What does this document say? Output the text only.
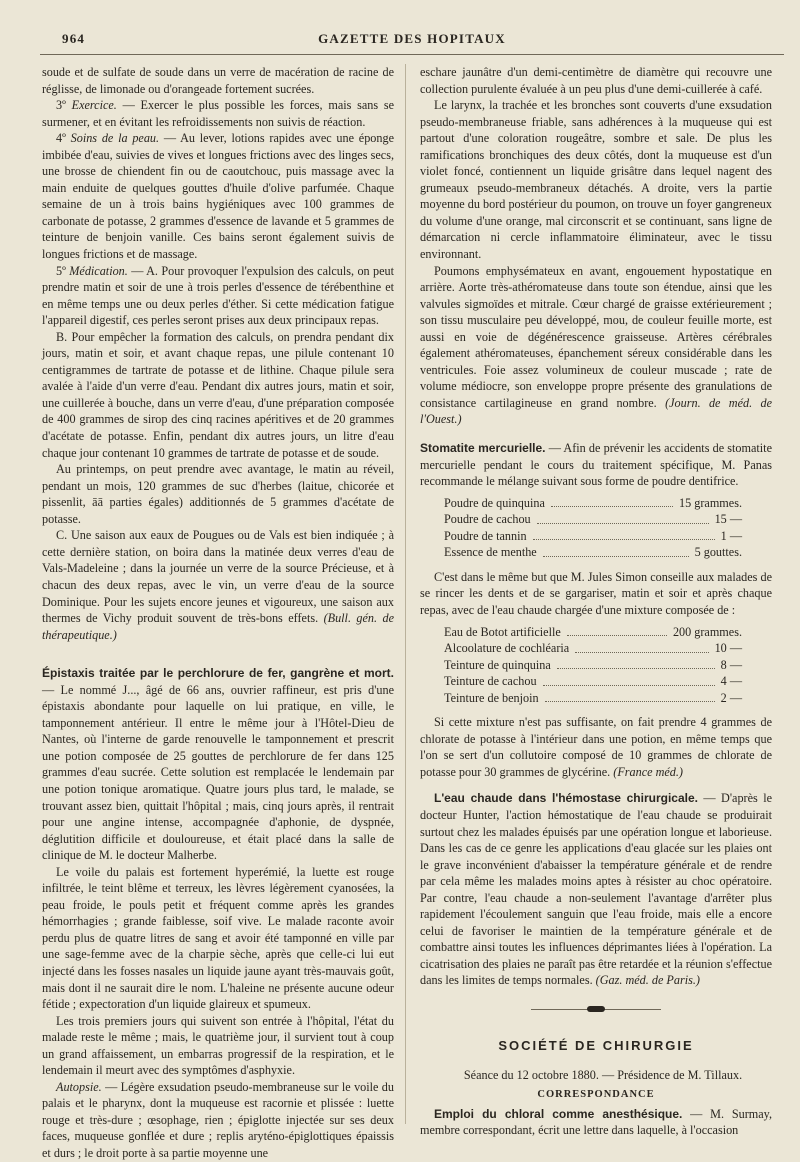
964	GAZETTE DES HOPITAUX

soude et de sulfate de soude dans un verre de macération de racine de réglisse, de limonade ou d'orangeade fortement sucrées.

3º Exercice. — Exercer le plus possible les forces, mais sans se surmener, et en évitant les refroidissements non suivis de réaction.

4º Soins de la peau. — Au lever, lotions rapides avec une éponge imbibée d'eau, suivies de vives et longues frictions avec des linges secs, une brosse de chiendent fin ou de caoutchouc, puis massage avec la main enduite de quelques gouttes d'huile d'olive parfumée. Chaque semaine de un à trois bains hygiéniques avec 100 grammes de carbonate de potasse, 2 grammes d'essence de lavande et 5 grammes de teinture de benjoin vanille. Ces bains seront également suivis de longues frictions et de massage.

5º Médication. — A. Pour provoquer l'expulsion des calculs, on peut prendre matin et soir de une à trois perles d'essence de térébenthine et en même temps une ou deux perles d'éther. Si cette médication fatigue l'appareil digestif, ces perles seront prises aux deux principaux repas.

B. Pour empêcher la formation des calculs, on prendra pendant dix jours, matin et soir, et avant chaque repas, une pilule contenant 10 centigrammes de tartrate de potasse et de lithine. Chaque pilule sera avalée à l'aide d'un verre d'eau. Pendant dix autres jours, matin et soir, une cuillerée à bouche, dans un verre d'eau, d'une préparation composée de 400 grammes de sirop des cinq racines apéritives et de 20 grammes d'acétate de potasse. Enfin, pendant dix autres jours, un litre d'eau chaque jour contenant 10 grammes de tartrate de potasse et de soude.

Au printemps, on peut prendre avec avantage, le matin au réveil, pendant un mois, 120 grammes de suc d'herbes (laitue, chicorée et pissenlit, āā parties égales) additionnés de 5 grammes d'acétate de potasse.

C. Une saison aux eaux de Pougues ou de Vals est bien indiquée ; à cette dernière station, on boira dans la matinée deux verres d'eau de Vals-Madeleine ; dans la journée un verre de la source Précieuse, et à chacun des deux repas, avec le vin, un verre d'eau de la source Dominique. Pour les sujets encore jeunes et vigoureux, une saison aux thermes de Vichy produit souvent de très-bons effets. (Bull. gén. de thérapeutique.)

Épistaxis traitée par le perchlorure de fer, gangrène et mort. — Le nommé J..., âgé de 66 ans, ouvrier raffineur, est pris d'une épistaxis abondante pour laquelle on lui pratique, en ville, le tamponnement antérieur. Il entre le même jour à l'Hôtel-Dieu de Nantes, où l'interne de garde renouvelle le tamponnement et prescrit une potion composée de 25 gouttes de perchlorure de fer dans 125 grammes d'eau sucrée. Cette solution est remplacée le lendemain par une potion tonique aromatique. Quatre jours plus tard, le malade, se trouvant assez bien, quittait l'hôpital ; mais, cinq jours après, il rentrait pour une angine intense, accompagnée d'aphonie, de dyspnée, déglutition difficile et douloureuse, et était placé dans la salle de clinique de M. le docteur Malherbe.

Le voile du palais est fortement hyperémié, la luette est rouge infiltrée, le teint blême et terreux, les lèvres légèrement cyanosées, la peau froide, le pouls petit et fréquent comme après les grandes hémorrhagies ; grande faiblesse, soif vive. Le malade raconte avoir perdu plus de quatre litres de sang et avoir été tamponné en ville par une sage-femme avec de la charpie sèche, après que celle-ci lui eut injecté dans les fosses nasales un liquide jaune ayant très-mauvais goût, mais dont il ne saurait dire le nom. L'haleine ne présente aucune odeur fétide ; expectoration d'un liquide glaireux et spumeux.

Les trois premiers jours qui suivent son entrée à l'hôpital, l'état du malade reste le même ; mais, le quatrième jour, il survient tout à coup un grand affaissement, un embarras progressif de la respiration, et le lendemain il meurt avec des symptômes d'asphyxie.

Autopsie. — Légère exsudation pseudo-membraneuse sur le voile du palais et le pharynx, dont la muqueuse est racornie et plissée : luette rouge et très-dure ; œsophage, rien ; épiglotte injectée sur ses deux faces, muqueuse gonflée et dure ; replis aryténo-épiglottiques épaissis et durs ; le droit porte à sa partie moyenne une

eschare jaunâtre d'un demi-centimètre de diamètre qui recouvre une collection purulente évaluée à un peu plus d'une demi-cuillerée à café.

Le larynx, la trachée et les bronches sont couverts d'une exsudation pseudo-membraneuse friable, sans adhérences à la muqueuse qui est partout d'une coloration rougeâtre, sombre et sale. De plus les ramifications bronchiques des deux côtés, dont la muqueuse est d'un violet foncé, contiennent un liquide grisâtre dans lequel nagent des grumeaux pseudo-membraneux détachés. A droite, vers la partie moyenne du bord postérieur du poumon, on trouve un foyer gangreneux du volume d'une orange, mal circonscrit et se continuant, sans ligne de démarcation ni cercle inflammatoire éliminateur, avec le tissu environnant.

Poumons emphysémateux en avant, engouement hypostatique en arrière. Aorte très-athéromateuse dans toute son étendue, ainsi que les valvules sigmoïdes et mitrale. Cœur chargé de graisse extérieurement ; son tissu musculaire peu développé, mou, de couleur feuille morte, est aussi en voie de dégénérescence graisseuse. Artères cérébrales également athéromateuses, épanchement séreux considérable dans les ventricules. Foie assez volumineux de couleur muscade ; rate de volume médiocre, son enveloppe propre présente des granulations de consistance cartilagineuse en grand nombre. (Journ. de méd. de l'Ouest.)

Stomatite mercurielle. — Afin de prévenir les accidents de stomatite mercurielle pendant le cours du traitement spécifique, M. Panas recommande le mélange suivant sous forme de poudre dentifrice.

Poudre de quinquina	15 grammes.
Poudre de cachou	15 —
Poudre de tannin	1 —
Essence de menthe	5 gouttes.

C'est dans le même but que M. Jules Simon conseille aux malades de se rincer les dents et de se gargariser, matin et soir et après chaque repas, avec de l'eau chaude chargée d'une mixture composée de :

Eau de Botot artificielle	200 grammes.
Alcoolature de cochléaria	10 —
Teinture de quinquina	8 —
Teinture de cachou	4 —
Teinture de benjoin	2 —

Si cette mixture n'est pas suffisante, on fait prendre 4 grammes de chlorate de potasse à l'intérieur dans une potion, en même temps que l'on se sert d'un collutoire composé de 10 grammes de chlorate de potasse pour 30 grammes de glycérine. (France méd.)

L'eau chaude dans l'hémostase chirurgicale. — D'après le docteur Hunter, l'action hémostatique de l'eau chaude se produirait surtout chez les malades épuisés par une opération longue et laborieuse. Dans les cas de ce genre les applications d'eau glacée sur les plaies ont le grave inconvénient d'abaisser la température générale et de rendre par cela même les malades moins aptes à résister au choc opératoire. Par contre, l'eau chaude a non-seulement l'avantage d'arrêter plus rapidement l'écoulement sanguin que l'eau froide, mais elle a encore celui de favoriser le maintien de la température générale et de combattre ainsi toutes les influences déprimantes liées à l'opération. La cicatrisation des plaies ne paraît pas être retardée et la réunion s'effectue dans les limites de temps normales. (Gaz. méd. de Paris.)

SOCIÉTÉ DE CHIRURGIE

Séance du 12 octobre 1880. — Présidence de M. Tillaux.

CORRESPONDANCE

Emploi du chloral comme anesthésique. — M. Surmay, membre correspondant, écrit une lettre dans laquelle, à l'occasion
